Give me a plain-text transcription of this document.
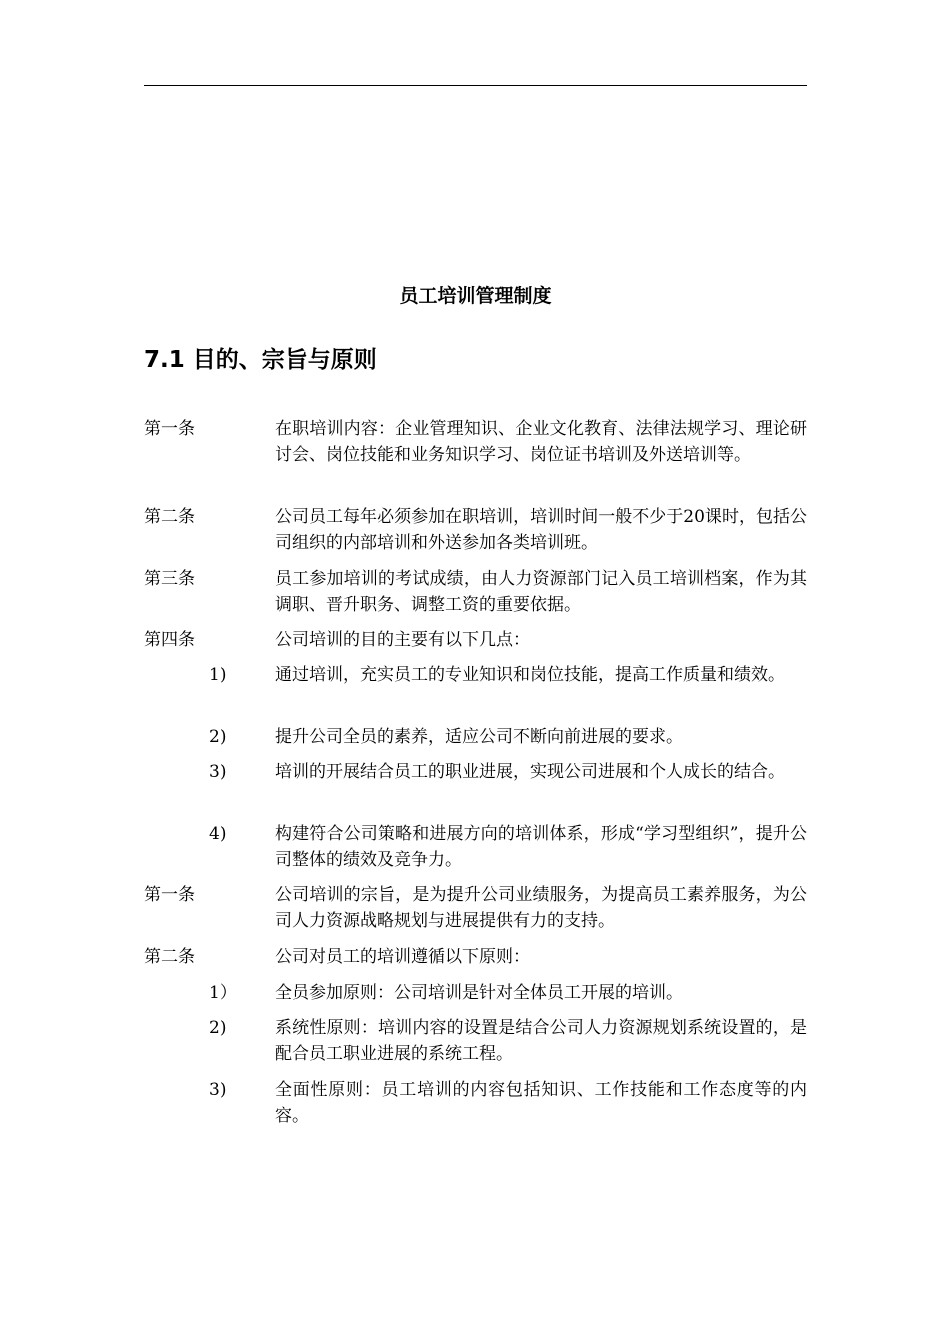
员工培训管理制度
7.1 目的、宗旨与原则
第一条	在职培训内容：企业管理知识、企业文化教育、法律法规学习、理论研讨会、岗位技能和业务知识学习、岗位证书培训及外送培训等。
第二条	公司员工每年必须参加在职培训，培训时间一般不少于20课时，包括公司组织的内部培训和外送参加各类培训班。
第三条	员工参加培训的考试成绩，由人力资源部门记入员工培训档案，作为其调职、晋升职务、调整工资的重要依据。
第四条	公司培训的目的主要有以下几点：
1)	通过培训，充实员工的专业知识和岗位技能，提高工作质量和绩效。
2)	提升公司全员的素养，适应公司不断向前进展的要求。
3)	培训的开展结合员工的职业进展，实现公司进展和个人成长的结合。
4)	构建符合公司策略和进展方向的培训体系，形成“学习型组织”，提升公司整体的绩效及竞争力。
第一条	公司培训的宗旨，是为提升公司业绩服务，为提高员工素养服务，为公司人力资源战略规划与进展提供有力的支持。
第二条	公司对员工的培训遵循以下原则：
1） 全员参加原则：公司培训是针对全体员工开展的培训。
2)	系统性原则：培训内容的设置是结合公司人力资源规划系统设置的，是配合员工职业进展的系统工程。
3)	全面性原则：员工培训的内容包括知识、工作技能和工作态度等的内容。
